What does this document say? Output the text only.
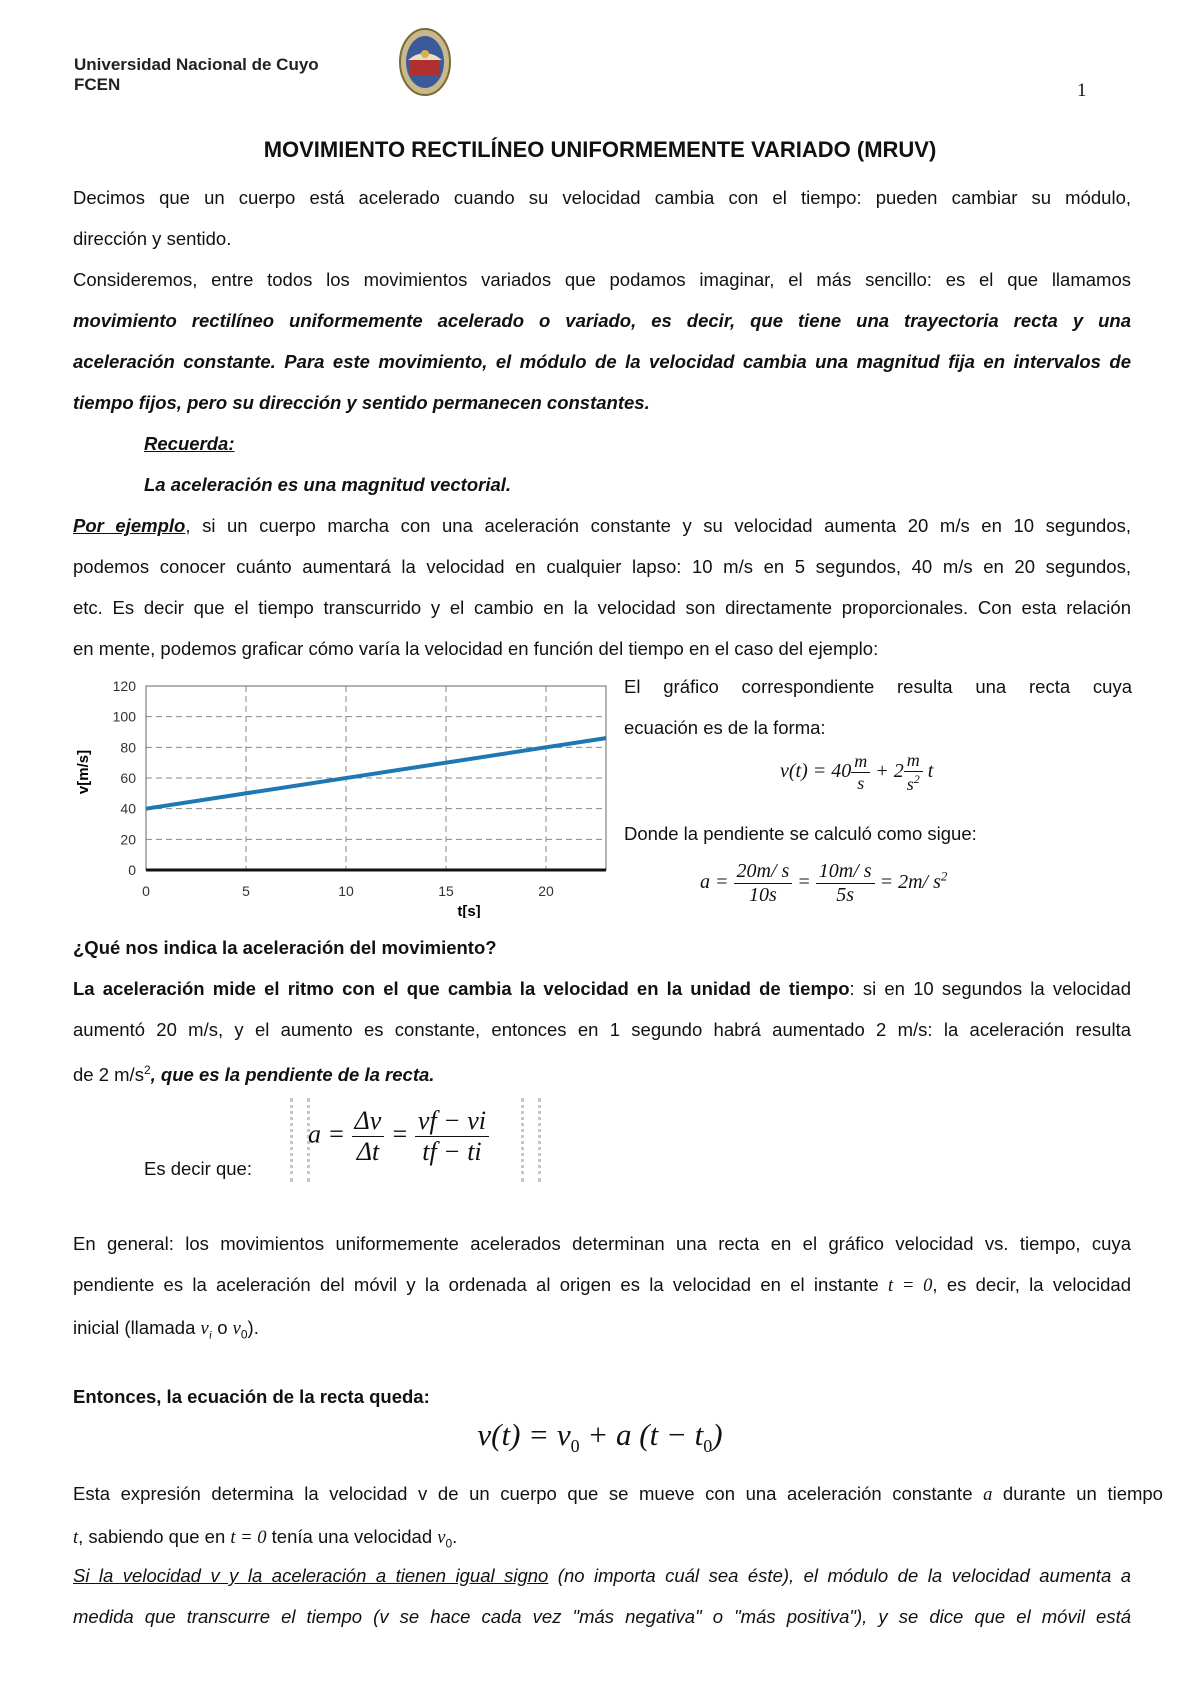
Universidad Nacional de Cuyo
FCEN	1
MOVIMIENTO RECTILÍNEO UNIFORMEMENTE VARIADO (MRUV)
Decimos que un cuerpo está acelerado cuando su velocidad cambia con el tiempo: pueden cambiar su módulo,
dirección y sentido.
Consideremos, entre todos los movimientos variados que podamos imaginar, el más sencillo: es el que llamamos
movimiento rectilíneo uniformemente acelerado o variado, es decir, que tiene una trayectoria recta y una
aceleración constante. Para este movimiento, el módulo de la velocidad cambia una magnitud fija en intervalos de
tiempo fijos, pero su dirección y sentido permanecen constantes.
Recuerda:
La aceleración es una magnitud vectorial.
Por ejemplo, si un cuerpo marcha con una aceleración constante y su velocidad aumenta 20 m/s en 10 segundos,
podemos conocer cuánto aumentará la velocidad en cualquier lapso: 10 m/s en 5 segundos, 40 m/s en 20 segundos,
etc. Es decir que el tiempo transcurrido y el cambio en la velocidad son directamente proporcionales. Con esta relación
en mente, podemos graficar cómo varía la velocidad en función del tiempo en el caso del ejemplo:
0
20
40
60
80
100
120
0	5	10	15	20
t[s]
v[m/s]
El gráfico correspondiente resulta una recta cuya
ecuación es de la forma:
$v(t) = 40 \frac{m}{s} + 2 \frac{m}{s^2}$ t
Donde la pendiente se calculó como sigue:
$a = \frac{20m/ s}{10s} = \frac{10m/ s}{5s} = 2m/$ $s^2$
¿Qué nos indica la aceleración del movimiento?
La aceleración mide el ritmo con el que cambia la velocidad en la unidad de tiempo: si en 10 segundos la velocidad
aumentó 20 m/s, y el aumento es constante, entonces en 1 segundo habrá aumentado 2 m/s: la aceleración resulta
de 2 $m/s^2$, que es la pendiente de la recta.
Es decir que:
$a = \frac{\Delta v}{\Delta t} = \frac{vf - vi}{tf - ti}$
En general: los movimientos uniformemente acelerados determinan una recta en el gráfico velocidad vs. tiempo, cuya
pendiente es la aceleración del móvil y la ordenada al origen es la velocidad en el instante t = 0, es decir, la velocidad
inicial (llamada $v_i$ o $v_0$).
Entonces, la ecuación de la recta queda:
$v(t) = v_0 + a$ $(t - t_0)$
Esta expresión determina la velocidad v de un cuerpo que se mueve con una aceleración constante a durante un tiempo
t, sabiendo que en t = 0 tenía una velocidad $v_0$.
Si la velocidad v y la aceleración a tienen igual signo (no importa cuál sea éste), el módulo de la velocidad aumenta a
medida que transcurre el tiempo (v se hace cada vez "más negativa" o "más positiva"), y se dice que el móvil está
